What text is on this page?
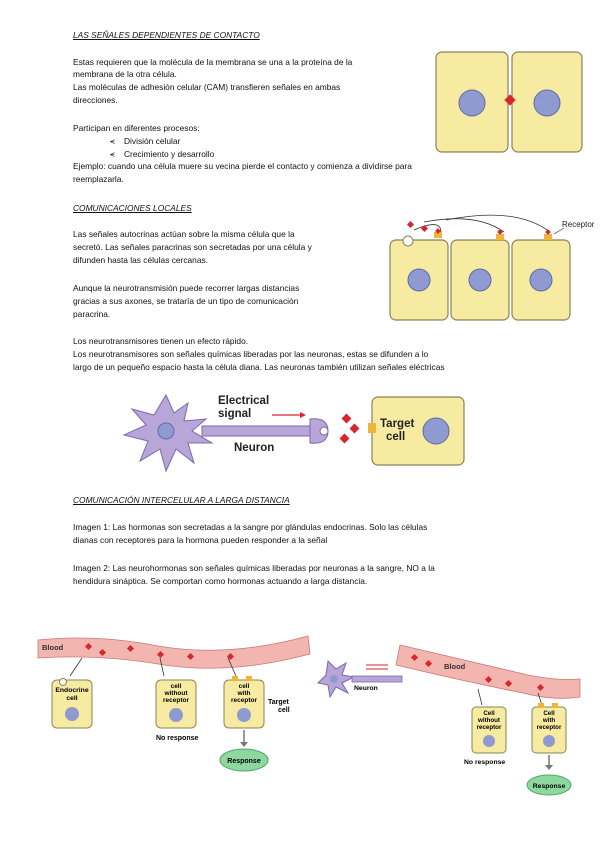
LAS SEÑALES DEPENDIENTES DE CONTACTO

Estas requieren que la molécula de la membrana se una a la proteína de la

membrana de la otra célula.

Las moléculas de adhesión celular (CAM) transfieren señales en ambas

direcciones.

Participan en diferentes procesos:

⪪ División celular

⪪ Crecimiento y desarrollo

Ejemplo: cuando una célula muere su vecina pierde el contacto y comienza a dividirse para

reemplazarla.

COMUNICACIONES LOCALES

Las señales autocrinas actúan sobre la misma célula que la

secretó. Las señales paracrinas son secretadas por una célula y

difunden hasta las células cercanas.

Aunque la neurotransmisión puede recorrer largas distancias

gracias a sus axones, se trataría de un tipo de comunicación

paracrina.

Los neurotransmisores tienen un efecto rápido.

Los neurotransmisores son señales químicas liberadas por las neuronas, estas se difunden a lo

largo de un pequeño espacio hasta la célula diana. Las neuronas también utilizan señales eléctricas

Receptor
Electrical
signal
Neuron
Target
cell

COMUNICACIÓN INTERCELULAR A LARGA DISTANCIA

Imagen 1: Las hormonas son secretadas a la sangre por glándulas endocrinas. Solo las células

dianas con receptores para la hormona pueden responder a la señal

Imagen 2: Las neurohormonas son señales químicas liberadas por neuronas a la sangre, NO a la

hendidura sináptica. Se comportan como hormonas actuando a larga distancia.

Blood
Endocrine
cell
cell
without
receptor
No response
cell
with
receptor Target
cell
Response
Neuron
Blood
Cell
without
receptor
No response
Cell
with
receptor
Response
